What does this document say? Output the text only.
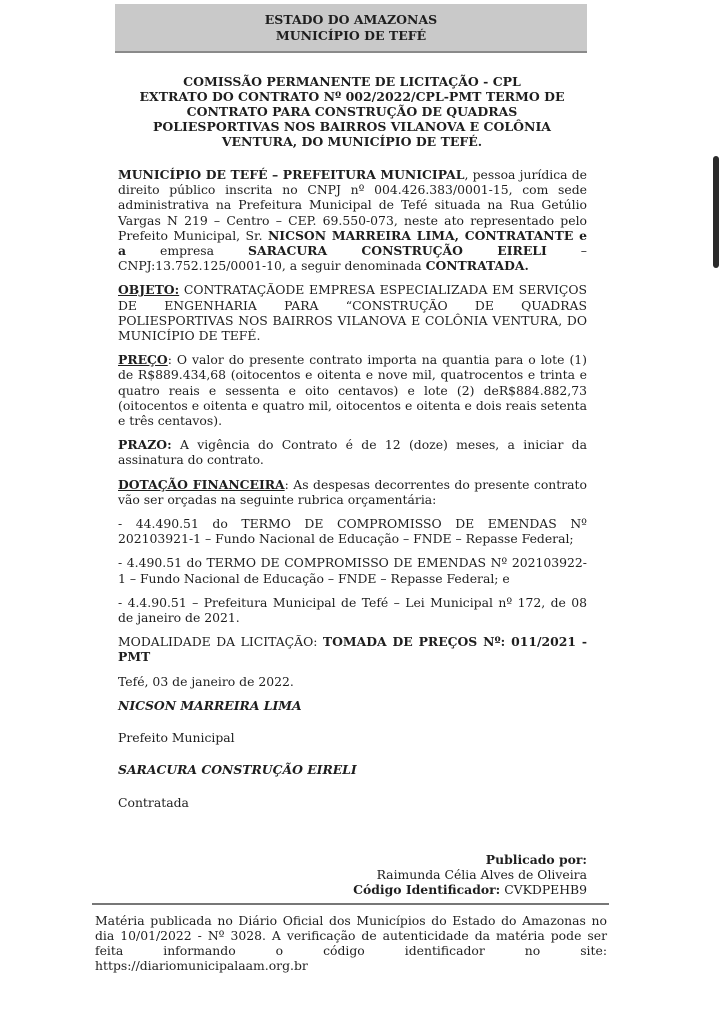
ESTADO DO AMAZONAS
MUNICÍPIO DE TEFÉ
COMISSÃO PERMANENTE DE LICITAÇÃO - CPL
EXTRATO DO CONTRATO Nº 002/2022/CPL-PMT TERMO DE
CONTRATO PARA CONSTRUÇÃO DE QUADRAS
POLIESPORTIVAS NOS BAIRROS VILANOVA E COLÔNIA
VENTURA, DO MUNICÍPIO DE TEFÉ.

MUNICÍPIO DE TEFÉ – PREFEITURA MUNICIPAL, pessoa jurídica de direito público inscrita no CNPJ nº 004.426.383/0001-15, com sede administrativa na Prefeitura Municipal de Tefé situada na Rua Getúlio Vargas N 219 – Centro – CEP. 69.550-073, neste ato representado pelo Prefeito Municipal, Sr. NICSON MARREIRA LIMA, CONTRATANTE e a empresa SARACURA CONSTRUÇÃO EIRELI – CNPJ:13.752.125/0001-10, a seguir denominada CONTRATADA.

OBJETO: CONTRATAÇÃODE EMPRESA ESPECIALIZADA EM SERVIÇOS DE ENGENHARIA PARA “CONSTRUÇÃO DE QUADRAS POLIESPORTIVAS NOS BAIRROS VILANOVA E COLÔNIA VENTURA, DO MUNICÍPIO DE TEFÉ.

PREÇO: O valor do presente contrato importa na quantia para o lote (1) de R$889.434,68 (oitocentos e oitenta e nove mil, quatrocentos e trinta e quatro reais e sessenta e oito centavos) e lote (2) deR$884.882,73 (oitocentos e oitenta e quatro mil, oitocentos e oitenta e dois reais setenta e três centavos).

PRAZO: A vigência do Contrato é de 12 (doze) meses, a iniciar da assinatura do contrato.

DOTAÇÃO FINANCEIRA: As despesas decorrentes do presente contrato vão ser orçadas na seguinte rubrica orçamentária:

- 44.490.51 do TERMO DE COMPROMISSO DE EMENDAS Nº 202103921-1 – Fundo Nacional de Educação – FNDE – Repasse Federal;

- 4.490.51 do TERMO DE COMPROMISSO DE EMENDAS Nº 202103922-1 – Fundo Nacional de Educação – FNDE – Repasse Federal; e

- 4.4.90.51 – Prefeitura Municipal de Tefé – Lei Municipal nº 172, de 08 de janeiro de 2021.

MODALIDADE DA LICITAÇÃO: TOMADA DE PREÇOS Nº: 011/2021 - PMT

Tefé, 03 de janeiro de 2022.

NICSON MARREIRA LIMA

Prefeito Municipal

SARACURA CONSTRUÇÃO EIRELI

Contratada

Publicado por:
Raimunda Célia Alves de Oliveira
Código Identificador: CVKDPEHB9
Matéria publicada no Diário Oficial dos Municípios do Estado do Amazonas no dia 10/01/2022 - Nº 3028. A verificação de autenticidade da matéria pode ser feita informando o código identificador no site: https://diariomunicipalaam.org.br
